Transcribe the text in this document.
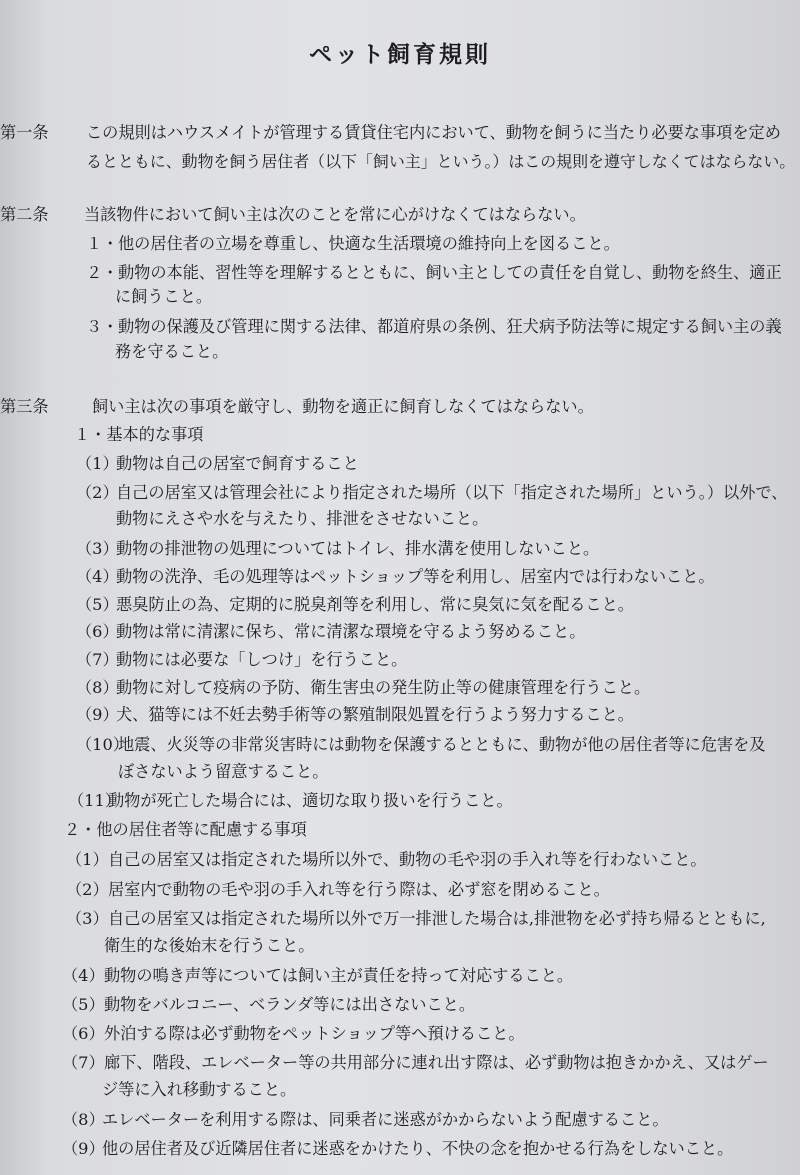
ペット飼育規則
第一条 この規則はハウスメイトが管理する賃貸住宅内において、動物を飼うに当たり必要な事項を定め
るとともに、動物を飼う居住者（以下「飼い主」という。）はこの規則を遵守しなくてはならない。
第二条 当該物件において飼い主は次のことを常に心がけなくてはならない。
１・ 他の居住者の立場を尊重し、快適な生活環境の維持向上を図ること。
２・ 動物の本能、習性等を理解するとともに、飼い主としての責任を自覚し、動物を終生、適正
に飼うこと。
３・ 動物の保護及び管理に関する法律、都道府県の条例、狂犬病予防法等に規定する飼い主の義
務を守ること。
第三条	飼い主は次の事項を厳守し、動物を適正に飼育しなくてはならない。
１・基本的な事項
（1）
動物は自己の居室で飼育すること
（2）
自己の居室又は管理会社により指定された場所（以下「指定された場所」という。）以外で、
動物にえさや水を与えたり、排泄をさせないこと。
（3）
動物の排泄物の処理についてはトイレ、排水溝を使用しないこと。
（4）
動物の洗浄、毛の処理等はペットショップ等を利用し、居室内では行わないこと。
（5）
悪臭防止の為、定期的に脱臭剤等を利用し、常に臭気に気を配ること。
（6）
動物は常に清潔に保ち、常に清潔な環境を守るよう努めること。
（7）
動物には必要な「しつけ」を行うこと。
（8）
動物に対して疫病の予防、衛生害虫の発生防止等の健康管理を行うこと。
（9）
犬、猫等には不妊去勢手術等の繁殖制限処置を行うよう努力すること。
（10）
地震、火災等の非常災害時には動物を保護するとともに、動物が他の居住者等に危害を及
ぼさないよう留意すること。
（11）
動物が死亡した場合には、適切な取り扱いを行うこと。
２・他の居住者等に配慮する事項
（1） 自己の居室又は指定された場所以外で、動物の毛や羽の手入れ等を行わないこと。
（2） 居室内で動物の毛や羽の手入れ等を行う際は、必ず窓を閉めること。
（3） 自己の居室又は指定された場所以外で万一排泄した場合は,排泄物を必ず持ち帰るとともに,
衛生的な後始末を行うこと。
（4） 動物の鳴き声等については飼い主が責任を持って対応すること。
（5） 動物をバルコニー、ベランダ等には出さないこと。
（6） 外泊する際は必ず動物をペットショップ等へ預けること。
（7） 廊下、階段、エレベーター等の共用部分に連れ出す際は、必ず動物は抱きかかえ、又はゲー
ジ等に入れ移動すること。
（8）
エレベーターを利用する際は、同乗者に迷惑がかからないよう配慮すること。
（9）
他の居住者及び近隣居住者に迷惑をかけたり、不快の念を抱かせる行為をしないこと。
